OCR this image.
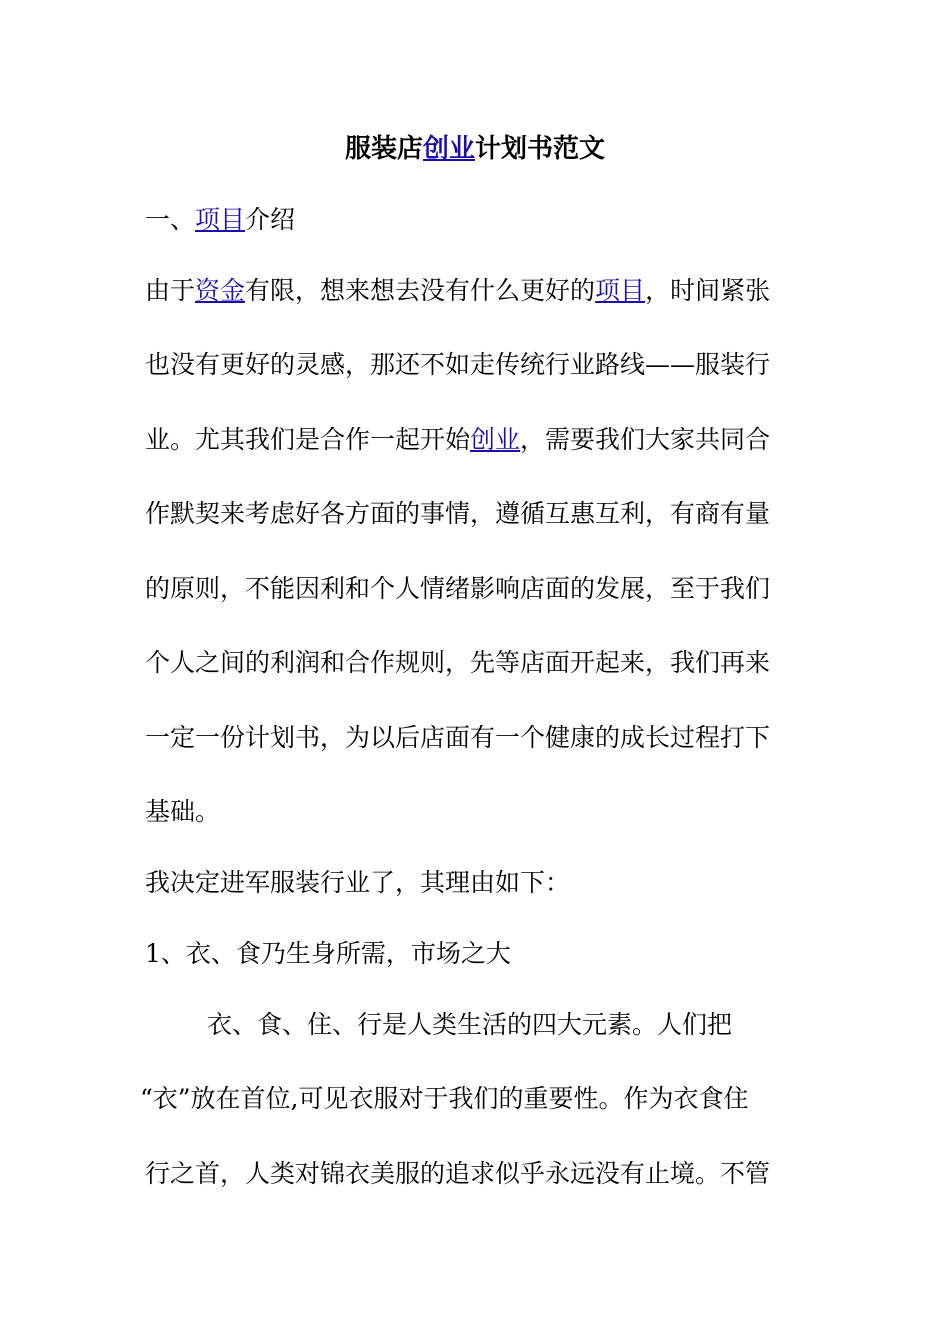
服装店创业计划书范文
一、项目介绍
由于资金有限，想来想去没有什么更好的项目，时间紧张
也没有更好的灵感，那还不如走传统行业路线——服装行
业。尤其我们是合作一起开始创业，需要我们大家共同合
作默契来考虑好各方面的事情，遵循互惠互利，有商有量
的原则，不能因利和个人情绪影响店面的发展，至于我们
个人之间的利润和合作规则，先等店面开起来，我们再来
一定一份计划书，为以后店面有一个健康的成长过程打下
基础。
我决定进军服装行业了，其理由如下：
1、衣、食乃生身所需，市场之大
衣、食、住、行是人类生活的四大元素。人们把
“衣”放在首位,可见衣服对于我们的重要性。作为衣食住
行之首，人类对锦衣美服的追求似乎永远没有止境。不管
